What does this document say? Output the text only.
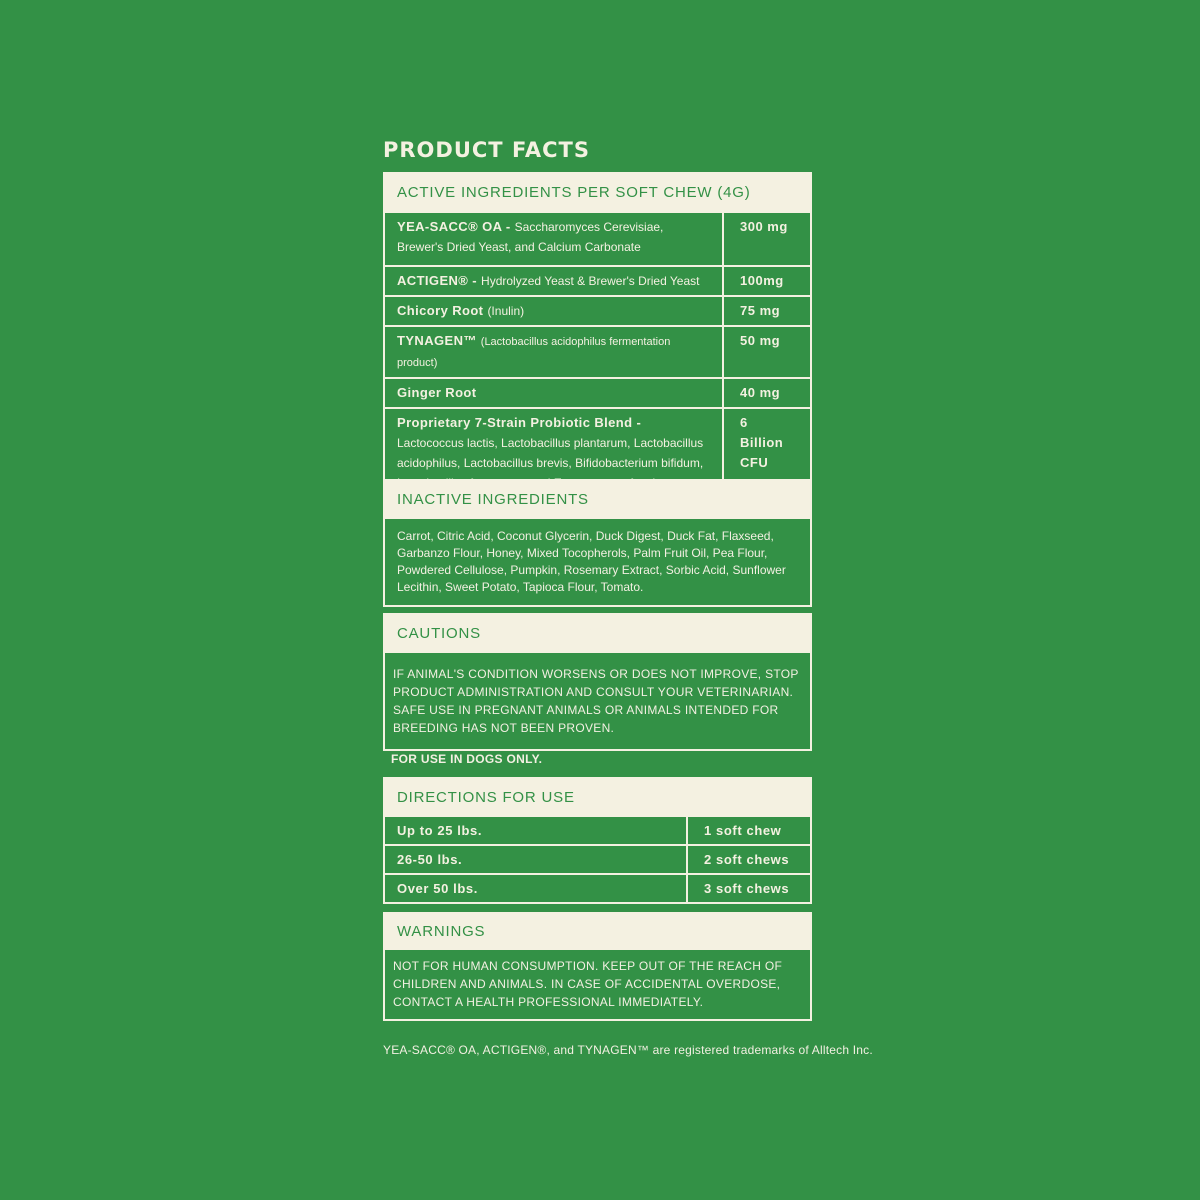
PRODUCT FACTS
ACTIVE INGREDIENTS PER SOFT CHEW (4G)
YEA-SACC® OA - Saccharomyces Cerevisiae, Brewer's Dried Yeast, and Calcium Carbonate	300 mg
ACTIGEN® - Hydrolyzed Yeast & Brewer's Dried Yeast	100mg
Chicory Root (Inulin)	75 mg
TYNAGEN™ (Lactobacillus acidophilus fermentation product)	50 mg
Ginger Root	40 mg
Proprietary 7-Strain Probiotic Blend - Lactococcus lactis, Lactobacillus plantarum, Lactobacillus acidophilus, Lactobacillus brevis, Bifidobacterium bifidum,	6 Billion CFU
INACTIVE INGREDIENTS

Carrot, Citric Acid, Coconut Glycerin, Duck Digest, Duck Fat, Flaxseed, Garbanzo Flour, Honey, Mixed Tocopherols, Palm Fruit Oil, Pea Flour, Powdered Cellulose, Pumpkin, Rosemary Extract, Sorbic Acid, Sunflower Lecithin, Sweet Potato, Tapioca Flour, Tomato.

CAUTIONS

IF ANIMAL'S CONDITION WORSENS OR DOES NOT IMPROVE, STOP PRODUCT ADMINISTRATION AND CONSULT YOUR VETERINARIAN. SAFE USE IN PREGNANT ANIMALS OR ANIMALS INTENDED FOR BREEDING HAS NOT BEEN PROVEN.

FOR USE IN DOGS ONLY.
DIRECTIONS FOR USE
Up to 25 lbs.	1 soft chew
26-50 lbs.	2 soft chews
Over 50 lbs.	3 soft chews
WARNINGS

NOT FOR HUMAN CONSUMPTION. KEEP OUT OF THE REACH OF CHILDREN AND ANIMALS. IN CASE OF ACCIDENTAL OVERDOSE, CONTACT A HEALTH PROFESSIONAL IMMEDIATELY.

YEA-SACC® OA, ACTIGEN®, and TYNAGEN™ are registered trademarks of Alltech Inc.
